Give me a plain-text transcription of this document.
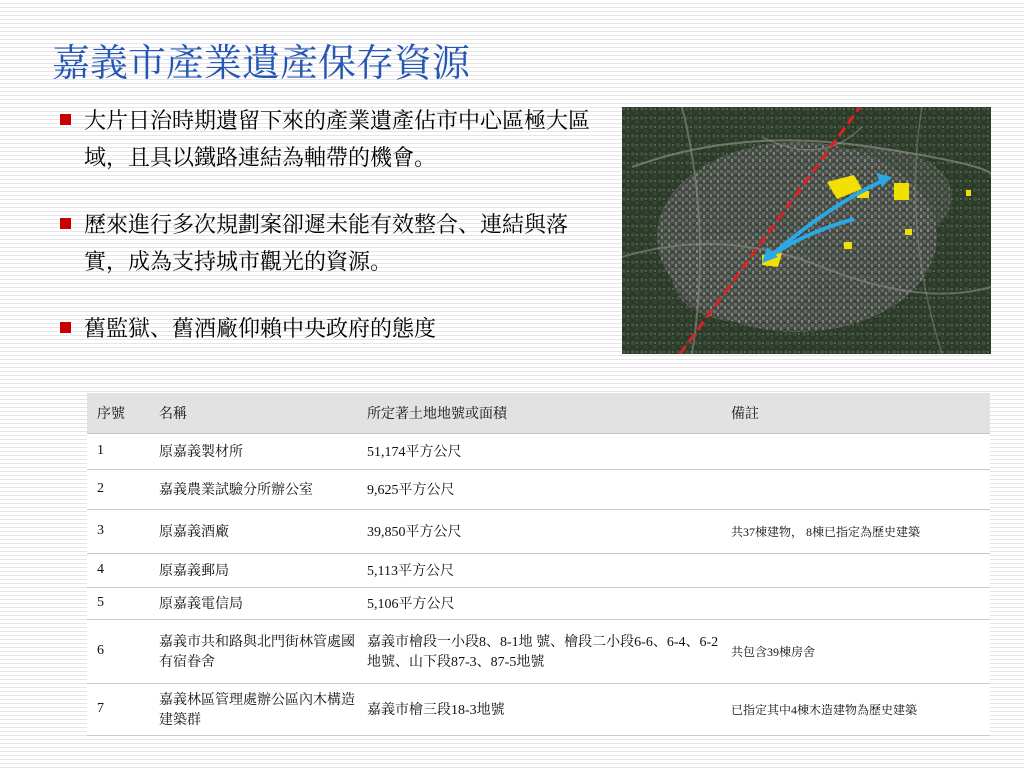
嘉義市產業遺產保存資源
大片日治時期遺留下來的產業遺產佔市中心區極大區域，且具以鐵路連結為軸帶的機會。
歷來進行多次規劃案卻遲未能有效整合、連結與落實，成為支持城市觀光的資源。
舊監獄、舊酒廠仰賴中央政府的態度
序號	名稱	所定著土地地號或面積	備註
1	原嘉義製材所	51,174平方公尺	
2	嘉義農業試驗分所辦公室	9,625平方公尺	
3	原嘉義酒廠	39,850平方公尺	共37棟建物， 8棟已指定為歷史建築
4	原嘉義郵局	5,113平方公尺	
5	原嘉義電信局	5,106平方公尺	
6	嘉義市共和路與北門街林管處國有宿眷舍	嘉義市檜段一小段8、8-1地 號、檜段二小段6-6、6-4、6-2地號、山下段87-3、87-5地號	共包含39棟房舍
7	嘉義林區管理處辦公區內木構造建築群	嘉義市檜三段18-3地號	已指定其中4棟木造建物為歷史建築
